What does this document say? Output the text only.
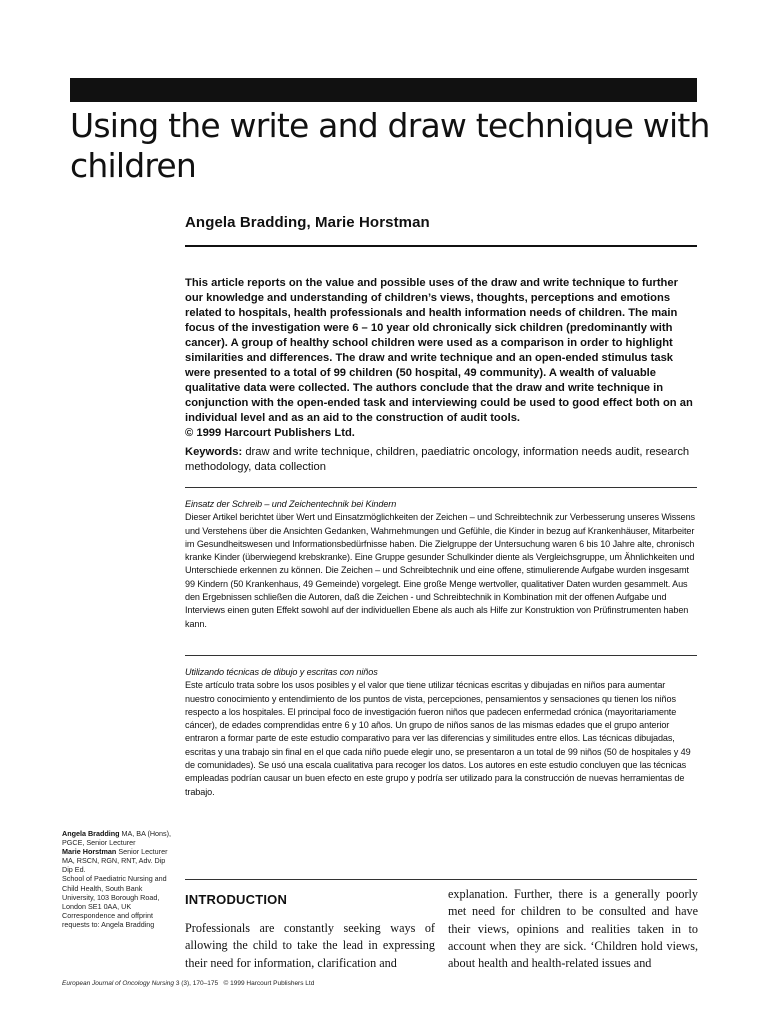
Using the write and draw technique with children

Angela Bradding, Marie Horstman

This article reports on the value and possible uses of the draw and write technique to further our knowledge and understanding of children’s views, thoughts, perceptions and emotions related to hospitals, health professionals and health information needs of children. The main focus of the investigation were 6 – 10 year old chronically sick children (predominantly with cancer). A group of healthy school children were used as a comparison in order to highlight similarities and differences. The draw and write technique and an open-ended stimulus task were presented to a total of 99 children (50 hospital, 49 community). A wealth of valuable qualitative data were collected. The authors conclude that the draw and write technique in conjunction with the open-ended task and interviewing could be used to good effect both on an individual level and as an aid to the construction of audit tools.
© 1999 Harcourt Publishers Ltd.

Keywords: draw and write technique, children, paediatric oncology, information needs audit, research methodology, data collection

Einsatz der Schreib – und Zeichentechnik bei Kindern
Dieser Artikel berichtet über Wert und Einsatzmöglichkeiten der Zeichen – und Schreibtechnik zur Verbesserung unseres Wissens und Verstehens über die Ansichten Gedanken, Wahrnehmungen und Gefühle, die Kinder in bezug auf Krankenhäuser, Mitarbeiter im Gesundheitswesen und Informationsbedürfnisse haben. Die Zielgruppe der Untersuchung waren 6 bis 10 Jahre alte, chronisch kranke Kinder (überwiegend krebskranke). Eine Gruppe gesunder Schulkinder diente als Vergleichsgruppe, um Ähnlichkeiten und Unterschiede erkennen zu können. Die Zeichen – und Schreibtechnik und eine offene, stimulierende Aufgabe wurden insgesamt 99 Kindern (50 Krankenhaus, 49 Gemeinde) vorgelegt. Eine große Menge wertvoller, qualitativer Daten wurden gesammelt. Aus den Ergebnissen schließen die Autoren, daß die Zeichen - und Schreibtechnik in Kombination mit der offenen Aufgabe und Interviews einen guten Effekt sowohl auf der individuellen Ebene als auch als Hilfe zur Konstruktion von Prüfinstrumenten haben kann.

Utilizando técnicas de dibujo y escritas con niños
Este artículo trata sobre los usos posibles y el valor que tiene utilizar técnicas escritas y dibujadas en niños para aumentar nuestro conocimiento y entendimiento de los puntos de vista, percepciones, pensamientos y sensaciones qu tienen los niños respecto a los hospitales. El principal foco de investigación fueron niños que padecen enfermedad crónica (mayoritariamente cáncer), de edades comprendidas entre 6 y 10 años. Un grupo de niños sanos de las mismas edades que el grupo anterior entraron a formar parte de este estudio comparativo para ver las diferencias y similitudes entre ellos. Las técnicas dibujadas, escritas y una trabajo sin final en el que cada niño puede elegir uno, se presentaron a un total de 99 niños (50 de hospitales y 49 de comunidades). Se usó una escala cualitativa para recoger los datos. Los autores en este estudio concluyen que las técnicas empleadas podrían causar un buen efecto en este grupo y podría ser utilizado para la construcción de nuevas herramientas de trabajo.

Angela Bradding MA, BA (Hons), PGCE, Senior Lecturer
Marie Horstman Senior Lecturer MA, RSCN, RGN, RNT, Adv. Dip Dip Ed.
School of Paediatric Nursing and Child Health, South Bank University, 103 Borough Road, London SE1 0AA, UK
Correspondence and offprint requests to: Angela Bradding

INTRODUCTION

Professionals are constantly seeking ways of allowing the child to take the lead in expressing their need for information, clarification and

explanation. Further, there is a generally poorly met need for children to be consulted and have their views, opinions and realities taken in to account when they are sick. ‘Children hold views, about health and health-related issues and

European Journal of Oncology Nursing 3 (3), 170–175 © 1999 Harcourt Publishers Ltd
